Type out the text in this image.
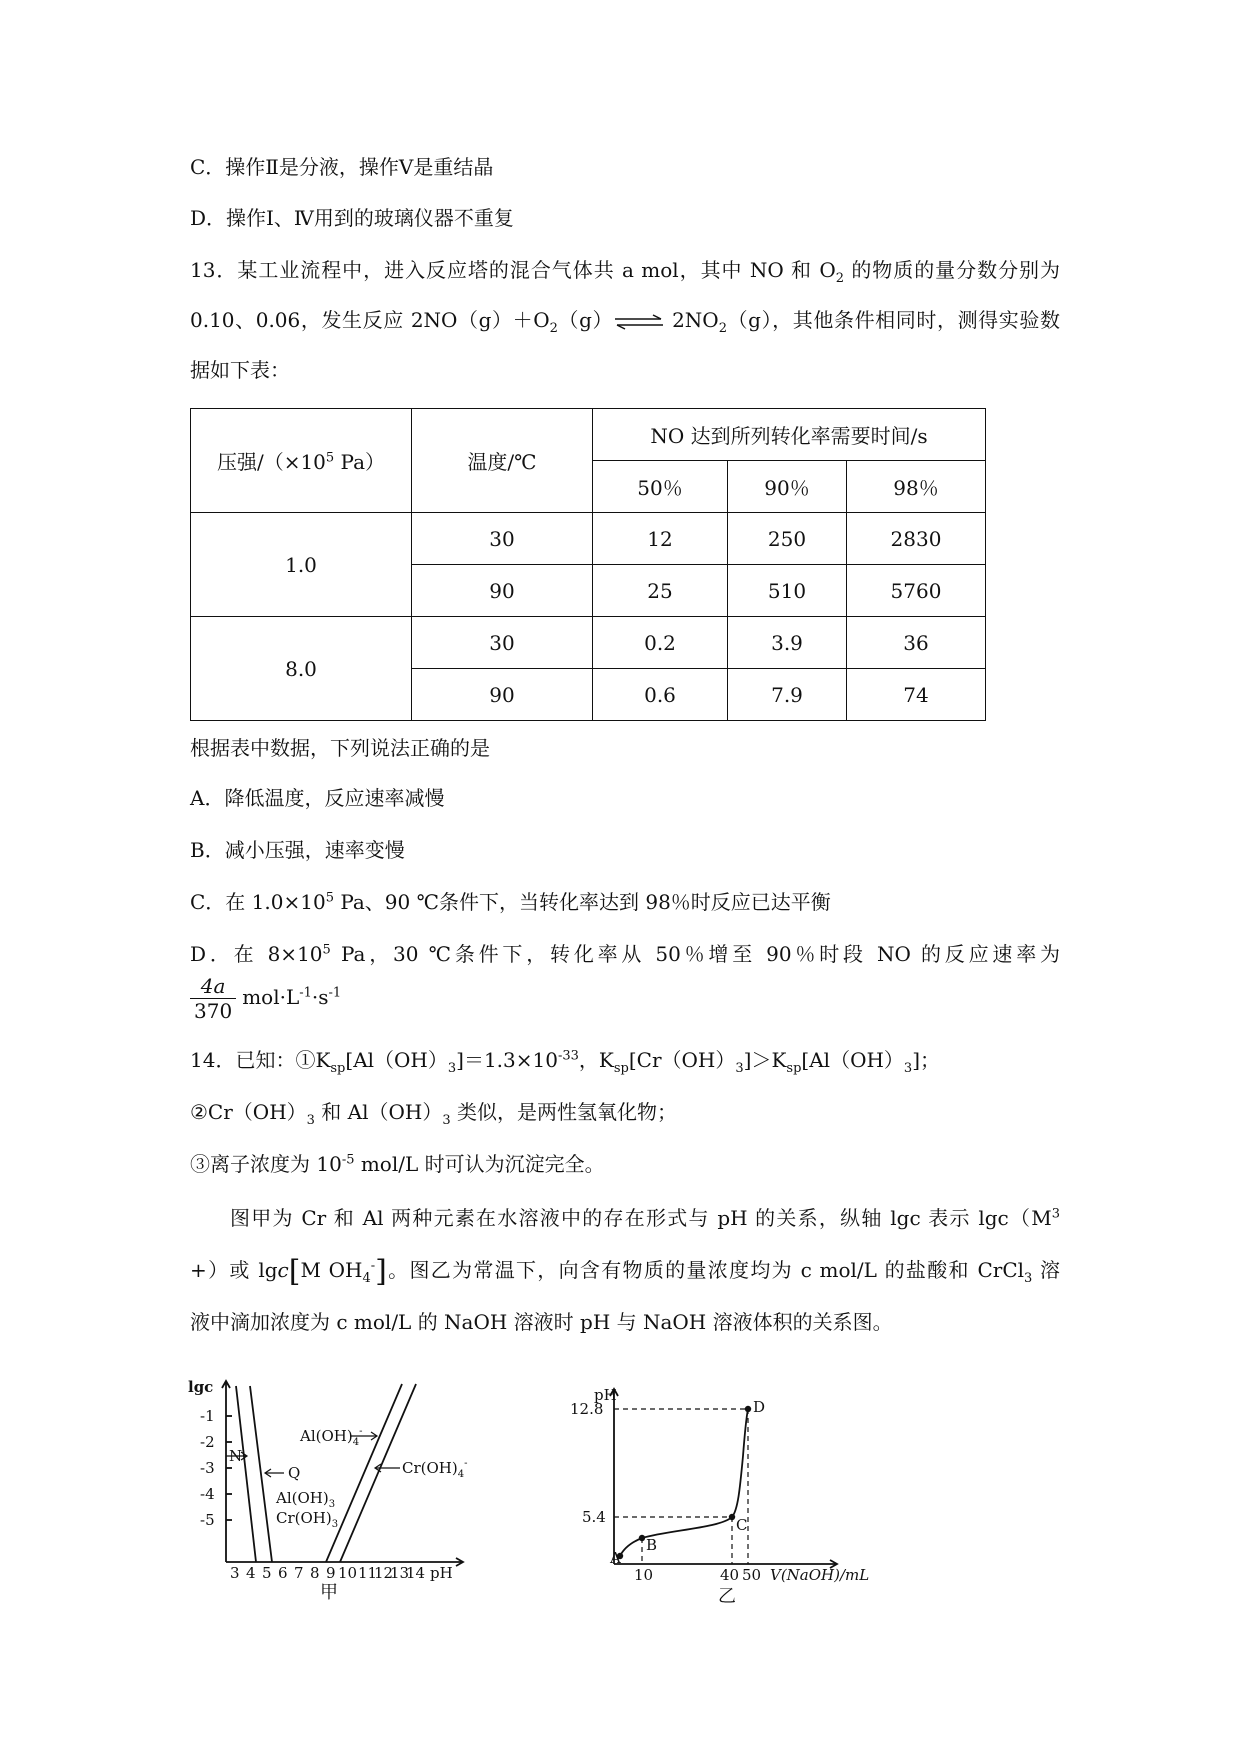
C．操作Ⅱ是分液，操作Ⅴ是重结晶
D．操作Ⅰ、Ⅳ用到的玻璃仪器不重复
13．某工业流程中，进入反应塔的混合气体共 a mol，其中 NO 和 $O_2$ 的物质的量分数分别为
0.10、0.06，发生反应 $2NO(g)+O_2(g)\rightleftharpoons$ $2NO_2(g)$，其他条件相同时，测得实验数
据如下表：
压强$/(\times 10^5$ Pa）	温度/℃	NO 达到所列转化率需要时间/s		
		50％	90％	98％
1.0	30	12	250	2830
	90	25	510	5760
8.0	30	0.2	3.9	36
	90	0.6	7.9	74
根据表中数据，下列说法正确的是
A．降低温度，反应速率减慢
B．减小压强，速率变慢
C．在 $1.0\times 10^5$ Pa、90 ℃条件下，当转化率达到 98％时反应已达平衡
D．在 $8\times 10^5$ Pa，30 ℃条件下，转化率从 50％增至 90％时段 NO 的反应速率为
$\frac{4a}{370} mol\cdot L^{-1}\cdot s^{-1}$
14．已知：$①K_{sp}[Al(OH)_3]=1.3\times 10^{-33}$，$K_{sp}[Cr(OH)_3]>K_{sp}[Al(OH)_3]$；
$②Cr(OH)_3$ 和 $Al(OH)_3$ 类似，是两性氢氧化物；
③离子浓度为 $10^{-5}$ mol/L 时可认为沉淀完全。
图甲为 Cr 和 Al 两种元素在水溶液中的存在形式与 pH 的关系，纵轴 lgc 表示 $\lg c(M^3$
+）或 lgc[M $OH_4^-$]。图乙为常温下，向含有物质的量浓度均为 c mol/L 的盐酸和 CrCl$_3$ 溶
液中滴加浓度为 c mol/L 的 NaOH 溶液时 pH 与 NaOH 溶液体积的关系图。
lgc
-1
-2
-3
-4
-5
N
Q
$Al(OH)_4^-$
$Cr(OH)_4^-$
$Al(OH)_3$
$Cr(OH)_3$
3 4 5 6 7 8 9 10 11
12
13
14 pH
甲
pH
12.8
5.4
A
B
C
D
10	40 50 V(NaOH)/mL
乙
